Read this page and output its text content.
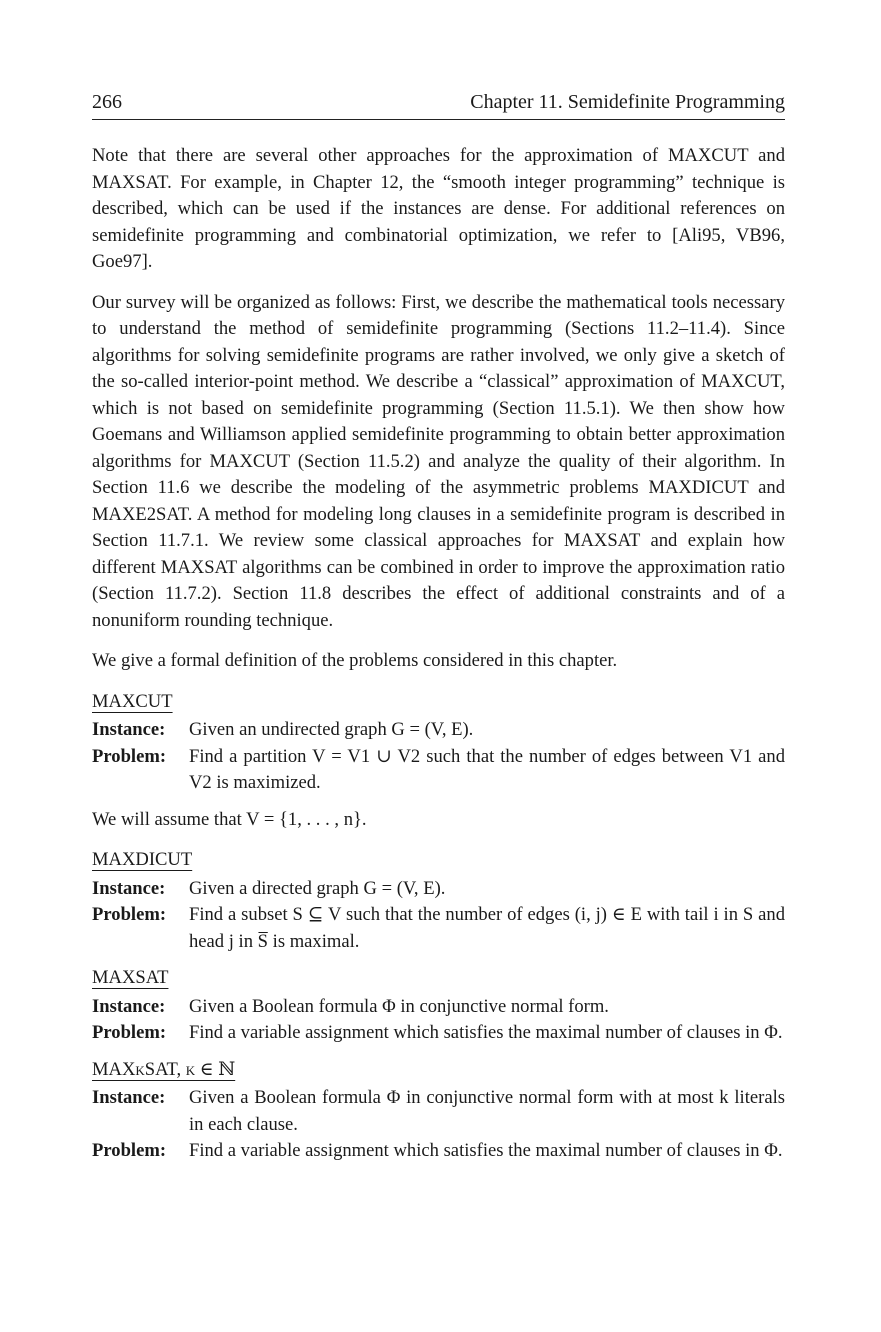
266	Chapter 11. Semidefinite Programming

Note that there are several other approaches for the approximation of MAXCUT and MAXSAT. For example, in Chapter 12, the “smooth integer programming” technique is described, which can be used if the instances are dense. For additional references on semidefinite programming and combinatorial optimization, we refer to [Ali95, VB96, Goe97].

Our survey will be organized as follows: First, we describe the mathematical tools necessary to understand the method of semidefinite programming (Sections 11.2–11.4). Since algorithms for solving semidefinite programs are rather involved, we only give a sketch of the so-called interior-point method. We describe a “classical” approximation of MAXCUT, which is not based on semidefinite programming (Section 11.5.1). We then show how Goemans and Williamson applied semidefinite programming to obtain better approximation algorithms for MAXCUT (Section 11.5.2) and analyze the quality of their algorithm. In Section 11.6 we describe the modeling of the asymmetric problems MAXDICUT and MAXE2SAT. A method for modeling long clauses in a semidefinite program is described in Section 11.7.1. We review some classical approaches for MAXSAT and explain how different MAXSAT algorithms can be combined in order to improve the approximation ratio (Section 11.7.2). Section 11.8 describes the effect of additional constraints and of a nonuniform rounding technique.

We give a formal definition of the problems considered in this chapter.

MAXCUT
Instance:	Given an undirected graph G = (V, E).
Problem:	Find a partition V = V1 ∪ V2 such that the number of edges between V1 and V2 is maximized.

We will assume that V = {1, . . . , n}.

MAXDICUT
Instance:	Given a directed graph G = (V, E).
Problem:	Find a subset S ⊆ V such that the number of edges (i, j) ∈ E with tail i in S and head j in S̅ is maximal.
MAXSAT
Instance:	Given a Boolean formula Φ in conjunctive normal form.
Problem:	Find a variable assignment which satisfies the maximal number of clauses in Φ.
MAXkSAT, k ∈ ℕ
Instance:	Given a Boolean formula Φ in conjunctive normal form with at most k literals in each clause.
Problem:	Find a variable assignment which satisfies the maximal number of clauses in Φ.
